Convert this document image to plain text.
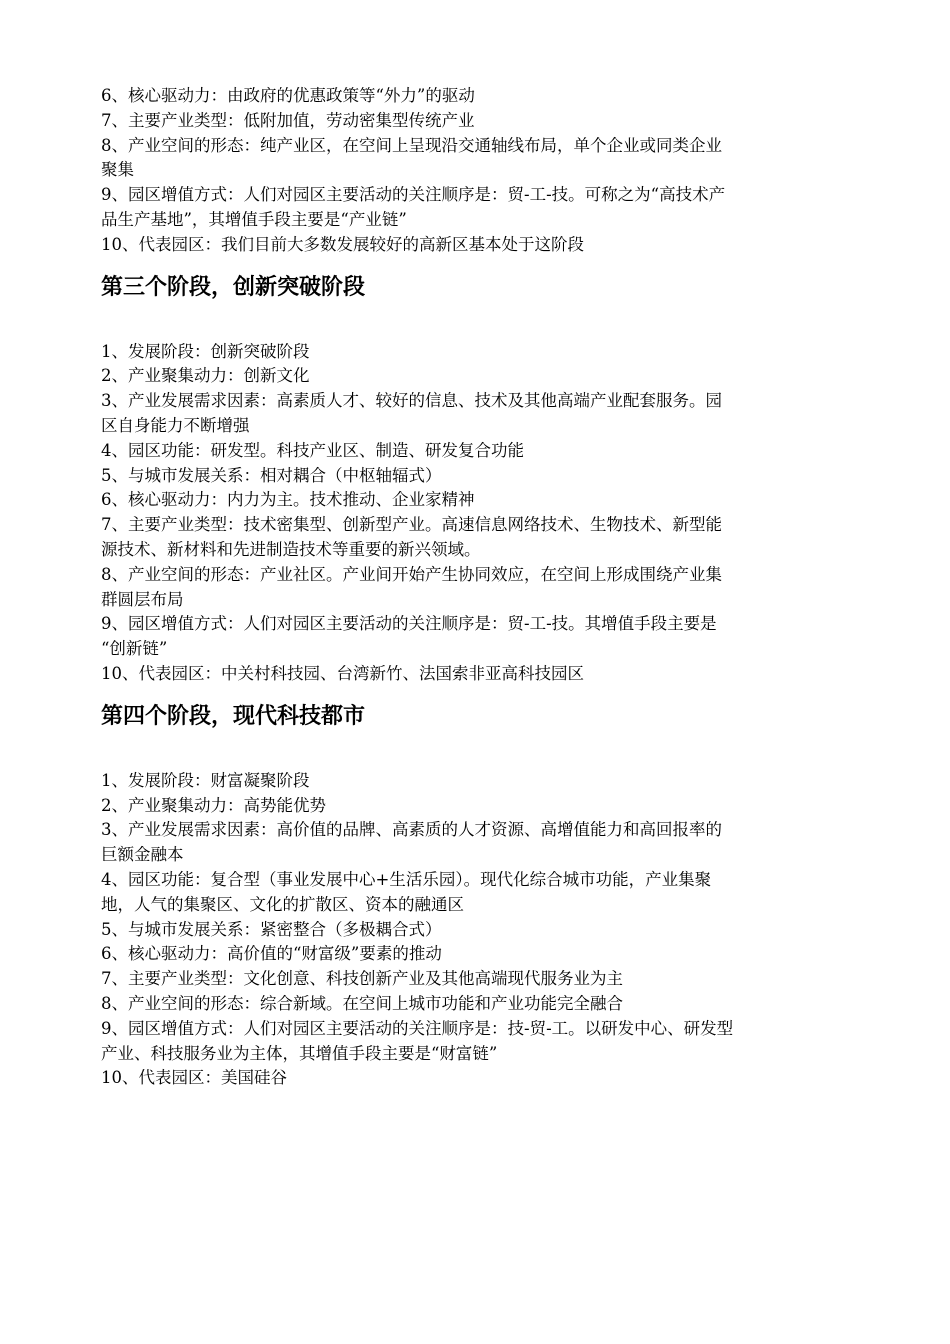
6、核心驱动力：由政府的优惠政策等“外力”的驱动

7、主要产业类型：低附加值，劳动密集型传统产业

8、产业空间的形态：纯产业区，在空间上呈现沿交通轴线布局，单个企业或同类企业

聚集

9、园区增值方式：人们对园区主要活动的关注顺序是：贸-工-技。可称之为“高技术产

品生产基地”，其增值手段主要是“产业链”

10、代表园区：我们目前大多数发展较好的高新区基本处于这阶段

第三个阶段，创新突破阶段

1、发展阶段：创新突破阶段

2、产业聚集动力：创新文化

3、产业发展需求因素：高素质人才、较好的信息、技术及其他高端产业配套服务。园

区自身能力不断增强

4、园区功能：研发型。科技产业区、制造、研发复合功能

5、与城市发展关系：相对耦合（中枢轴辐式）

6、核心驱动力：内力为主。技术推动、企业家精神

7、主要产业类型：技术密集型、创新型产业。高速信息网络技术、生物技术、新型能

源技术、新材料和先进制造技术等重要的新兴领域。

8、产业空间的形态：产业社区。产业间开始产生协同效应，在空间上形成围绕产业集

群圆层布局

9、园区增值方式：人们对园区主要活动的关注顺序是：贸-工-技。其增值手段主要是

“创新链”

10、代表园区：中关村科技园、台湾新竹、法国索非亚高科技园区

第四个阶段，现代科技都市

1、发展阶段：财富凝聚阶段

2、产业聚集动力：高势能优势

3、产业发展需求因素：高价值的品牌、高素质的人才资源、高增值能力和高回报率的

巨额金融本

4、园区功能：复合型（事业发展中心+生活乐园）。现代化综合城市功能，产业集聚

地，人气的集聚区、文化的扩散区、资本的融通区

5、与城市发展关系：紧密整合（多极耦合式）

6、核心驱动力：高价值的“财富级”要素的推动

7、主要产业类型：文化创意、科技创新产业及其他高端现代服务业为主

8、产业空间的形态：综合新域。在空间上城市功能和产业功能完全融合

9、园区增值方式：人们对园区主要活动的关注顺序是：技-贸-工。以研发中心、研发型

产业、科技服务业为主体，其增值手段主要是“财富链”

10、代表园区：美国硅谷
